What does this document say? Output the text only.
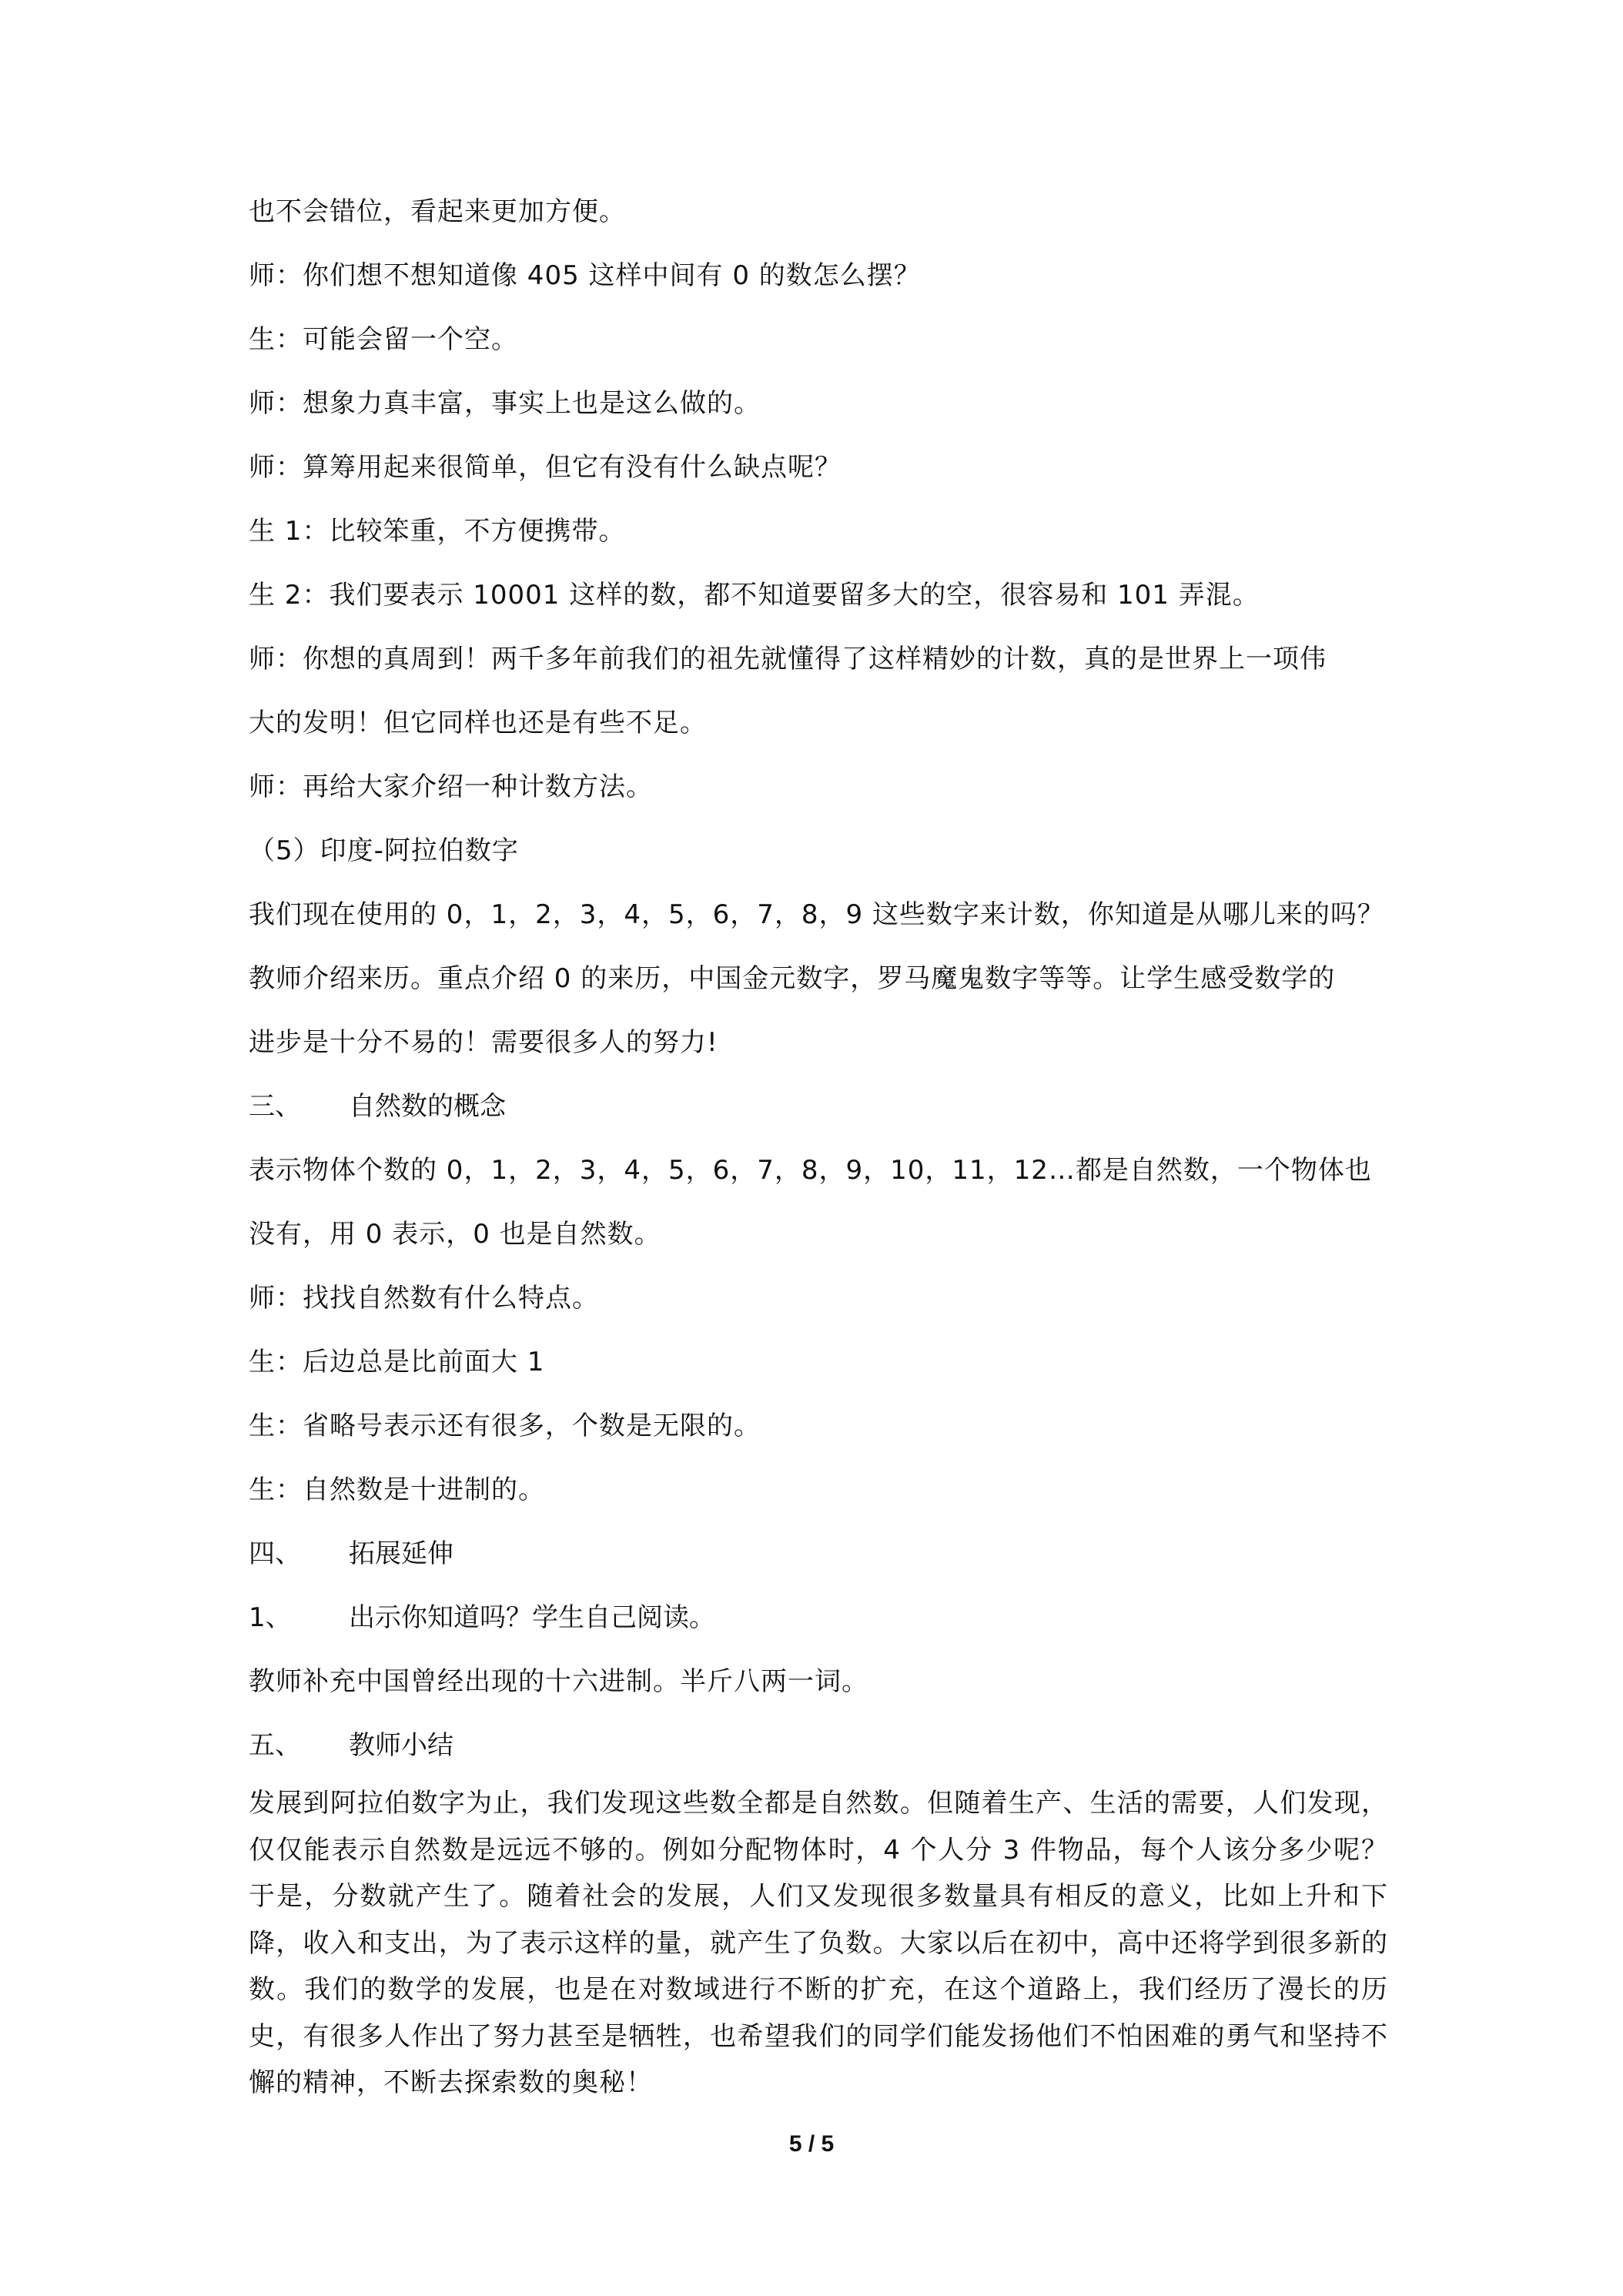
也不会错位，看起来更加方便。
师：你们想不想知道像 405 这样中间有 0 的数怎么摆？
生：可能会留一个空。
师：想象力真丰富，事实上也是这么做的。
师：算筹用起来很简单，但它有没有什么缺点呢？
生 1：比较笨重，不方便携带。
生 2：我们要表示 10001 这样的数，都不知道要留多大的空，很容易和 101 弄混。
师：你想的真周到！两千多年前我们的祖先就懂得了这样精妙的计数，真的是世界上一项伟
大的发明！但它同样也还是有些不足。
师：再给大家介绍一种计数方法。
（5）印度-阿拉伯数字
我们现在使用的 0，1，2，3，4，5，6，7，8，9 这些数字来计数，你知道是从哪儿来的吗？
教师介绍来历。重点介绍 0 的来历，中国金元数字，罗马魔鬼数字等等。让学生感受数学的
进步是十分不易的！需要很多人的努力!
三、	自然数的概念
表示物体个数的 0，1，2，3，4，5，6，7，8，9，10，11，12…都是自然数，一个物体也
没有，用 0 表示，0 也是自然数。
师：找找自然数有什么特点。
生：后边总是比前面大 1
生：省略号表示还有很多，个数是无限的。
生：自然数是十进制的。
四、	拓展延伸
1、	出示你知道吗？学生自己阅读。
教师补充中国曾经出现的十六进制。半斤八两一词。
五、	教师小结
发展到阿拉伯数字为止，我们发现这些数全都是自然数。但随着生产、生活的需要，人们发现，仅仅能表示自然数是远远不够的。例如分配物体时，4 个人分 3 件物品，每个人该分多少呢？于是，分数就产生了。随着社会的发展，人们又发现很多数量具有相反的意义，比如上升和下降，收入和支出，为了表示这样的量，就产生了负数。大家以后在初中，高中还将学到很多新的数。我们的数学的发展，也是在对数域进行不断的扩充，在这个道路上，我们经历了漫长的历史，有很多人作出了努力甚至是牺牲，也希望我们的同学们能发扬他们不怕困难的勇气和坚持不懈的精神，不断去探索数的奥秘！
5 / 5
